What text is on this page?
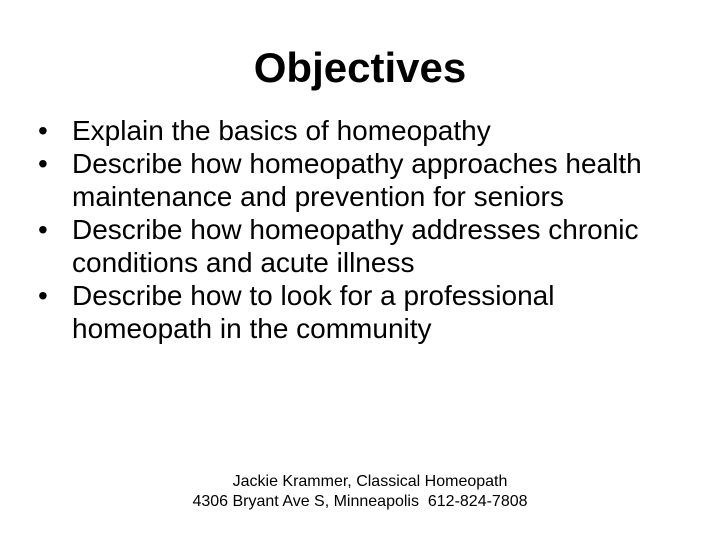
Objectives
• Explain the basics of homeopathy
• Describe how homeopathy approaches health maintenance and prevention for seniors
• Describe how homeopathy addresses chronic conditions and acute illness
• Describe how to look for a professional homeopath in the community
Jackie Krammer, Classical Homeopath
4306 Bryant Ave S, Minneapolis  612-824-7808
